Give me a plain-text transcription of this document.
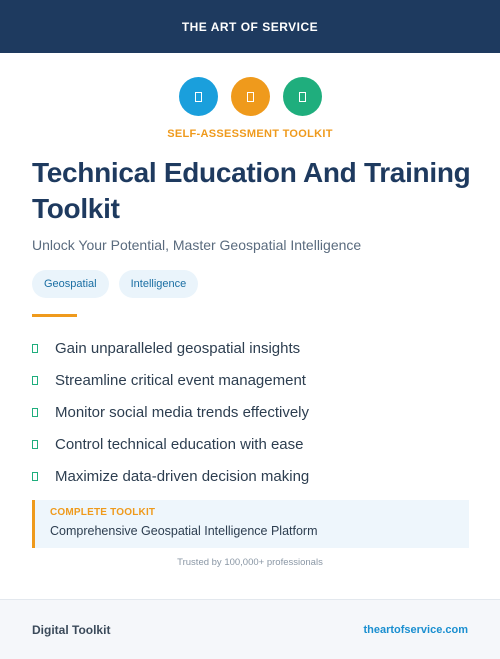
THE ART OF SERVICE
SELF-ASSESSMENT TOOLKIT
Technical Education And Training Toolkit
Unlock Your Potential, Master Geospatial Intelligence
Geospatial	Intelligence
Gain unparalleled geospatial insights
Streamline critical event management
Monitor social media trends effectively
Control technical education with ease
Maximize data-driven decision making
COMPLETE TOOLKIT
Comprehensive Geospatial Intelligence Platform
Trusted by 100,000+ professionals
Digital Toolkit	theartofservice.com
